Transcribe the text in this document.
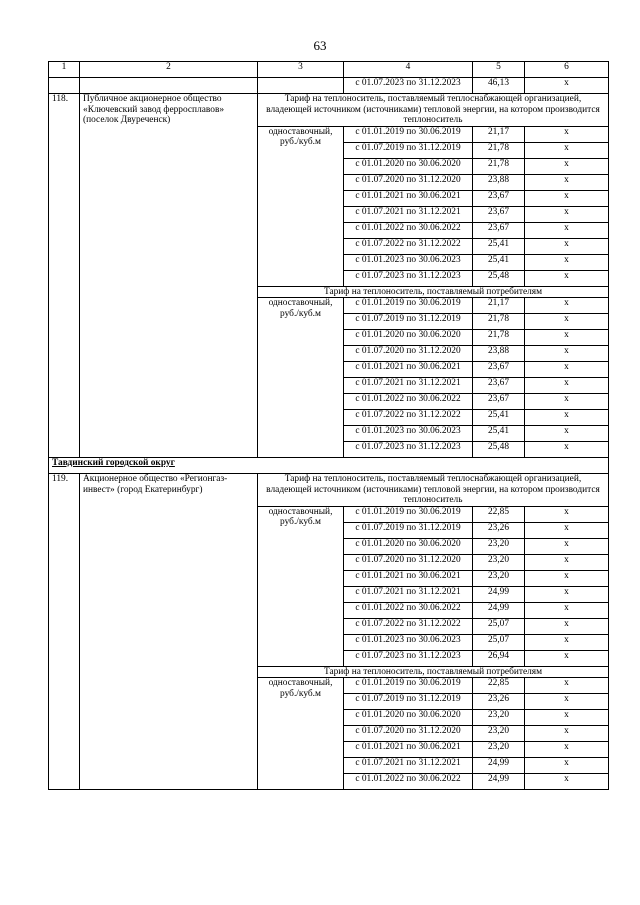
63
1	2	3	4	5	6
			с 01.07.2023 по 31.12.2023	46,13	x
118.	Публичное акционерное общество «Ключевский завод ферросплавов» (поселок Двуреченск)	Тариф на теплоноситель, поставляемый теплоснабжающей организацией, владеющей источником (источниками) тепловой энергии, на котором производится теплоноситель			
		одноставочный, руб./куб.м	с 01.01.2019 по 30.06.2019	21,17	x
			с 01.07.2019 по 31.12.2019	21,78	x
			с 01.01.2020 по 30.06.2020	21,78	x
			с 01.07.2020 по 31.12.2020	23,88	x
			с 01.01.2021 по 30.06.2021	23,67	x
			с 01.07.2021 по 31.12.2021	23,67	x
			с 01.01.2022 по 30.06.2022	23,67	x
			с 01.07.2022 по 31.12.2022	25,41	x
			с 01.01.2023 по 30.06.2023	25,41	x
			с 01.07.2023 по 31.12.2023	25,48	x
		Тариф на теплоноситель, поставляемый потребителям			
		одноставочный, руб./куб.м	с 01.01.2019 по 30.06.2019	21,17	x
			с 01.07.2019 по 31.12.2019	21,78	x
			с 01.01.2020 по 30.06.2020	21,78	x
			с 01.07.2020 по 31.12.2020	23,88	x
			с 01.01.2021 по 30.06.2021	23,67	x
			с 01.07.2021 по 31.12.2021	23,67	x
			с 01.01.2022 по 30.06.2022	23,67	x
			с 01.07.2022 по 31.12.2022	25,41	x
			с 01.01.2023 по 30.06.2023	25,41	x
			с 01.07.2023 по 31.12.2023	25,48	x
Тавдинский городской округ					
119.	Акционерное общество «Регионгаз-инвест» (город Екатеринбург)	Тариф на теплоноситель, поставляемый теплоснабжающей организацией, владеющей источником (источниками) тепловой энергии, на котором производится теплоноситель			
		одноставочный, руб./куб.м	с 01.01.2019 по 30.06.2019	22,85	x
			с 01.07.2019 по 31.12.2019	23,26	x
			с 01.01.2020 по 30.06.2020	23,20	x
			с 01.07.2020 по 31.12.2020	23,20	x
			с 01.01.2021 по 30.06.2021	23,20	x
			с 01.07.2021 по 31.12.2021	24,99	x
			с 01.01.2022 по 30.06.2022	24,99	x
			с 01.07.2022 по 31.12.2022	25,07	x
			с 01.01.2023 по 30.06.2023	25,07	x
			с 01.07.2023 по 31.12.2023	26,94	x
		Тариф на теплоноситель, поставляемый потребителям			
		одноставочный, руб./куб.м	с 01.01.2019 по 30.06.2019	22,85	x
			с 01.07.2019 по 31.12.2019	23,26	x
			с 01.01.2020 по 30.06.2020	23,20	x
			с 01.07.2020 по 31.12.2020	23,20	x
			с 01.01.2021 по 30.06.2021	23,20	x
			с 01.07.2021 по 31.12.2021	24,99	x
			с 01.01.2022 по 30.06.2022	24,99	x
